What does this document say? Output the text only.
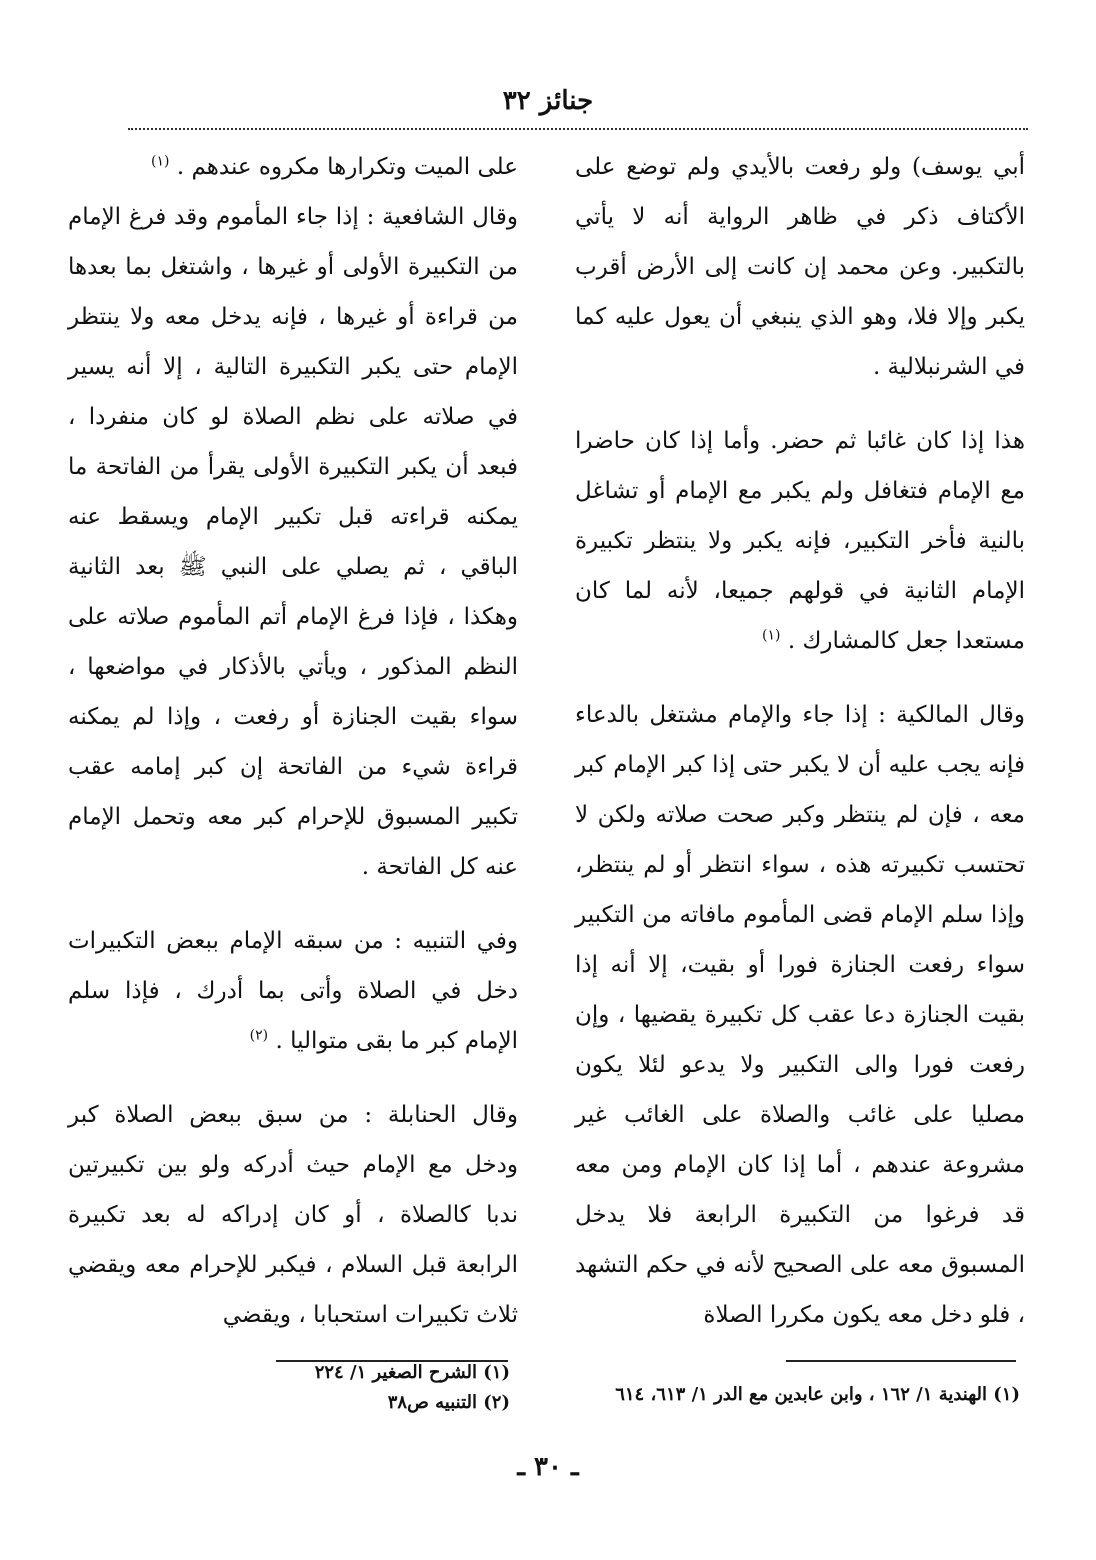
جنائز ٣٢

أبي يوسف) ولو رفعت بالأيدي ولم توضع على الأكتاف ذكر في ظاهر الرواية أنه لا يأتي بالتكبير. وعن محمد إن كانت إلى الأرض أقرب يكبر وإلا فلا، وهو الذي ينبغي أن يعول عليه كما في الشرنبلالية .

هذا إذا كان غائبا ثم حضر. وأما إذا كان حاضرا مع الإمام فتغافل ولم يكبر مع الإمام أو تشاغل بالنية فأخر التكبير، فإنه يكبر ولا ينتظر تكبيرة الإمام الثانية في قولهم جميعا، لأنه لما كان مستعدا جعل كالمشارك . $^{(١)}$

وقال المالكية : إذا جاء والإمام مشتغل بالدعاء فإنه يجب عليه أن لا يكبر حتى إذا كبر الإمام كبر معه ، فإن لم ينتظر وكبر صحت صلاته ولكن لا تحتسب تكبيرته هذه ، سواء انتظر أو لم ينتظر، وإذا سلم الإمام قضى المأموم مافاته من التكبير سواء رفعت الجنازة فورا أو بقيت، إلا أنه إذا بقيت الجنازة دعا عقب كل تكبيرة يقضيها ، وإن رفعت فورا والى التكبير ولا يدعو لئلا يكون مصليا على غائب والصلاة على الغائب غير مشروعة عندهم ، أما إذا كان الإمام ومن معه قد فرغوا من التكبيرة الرابعة فلا يدخل المسبوق معه على الصحيح لأنه في حكم التشهد ، فلو دخل معه يكون مكررا الصلاة

على الميت وتكرارها مكروه عندهم . $^{(١)}$

وقال الشافعية : إذا جاء المأموم وقد فرغ الإمام من التكبيرة الأولى أو غيرها ، واشتغل بما بعدها من قراءة أو غيرها ، فإنه يدخل معه ولا ينتظر الإمام حتى يكبر التكبيرة التالية ، إلا أنه يسير في صلاته على نظم الصلاة لو كان منفردا ، فبعد أن يكبر التكبيرة الأولى يقرأ من الفاتحة ما يمكنه قراءته قبل تكبير الإمام ويسقط عنه الباقي ، ثم يصلي على النبي ﷺ بعد الثانية وهكذا ، فإذا فرغ الإمام أتم المأموم صلاته على النظم المذكور ، ويأتي بالأذكار في مواضعها ، سواء بقيت الجنازة أو رفعت ، وإذا لم يمكنه قراءة شيء من الفاتحة إن كبر إمامه عقب تكبير المسبوق للإحرام كبر معه وتحمل الإمام عنه كل الفاتحة .

وفي التنبيه : من سبقه الإمام ببعض التكبيرات دخل في الصلاة وأتى بما أدرك ، فإذا سلم الإمام كبر ما بقى متواليا . $^{(٢)}$

وقال الحنابلة : من سبق ببعض الصلاة كبر ودخل مع الإمام حيث أدركه ولو بين تكبيرتين ندبا كالصلاة ، أو كان إدراكه له بعد تكبيرة الرابعة قبل السلام ، فيكبر للإحرام معه ويقضي ثلاث تكبيرات استحبابا ، ويقضي

(١) الهندية ١/ ١٦٢ ، وابن عابدين مع الدر ١/ ٦١٣، ٦١٤
(١) الشرح الصغير ١/ ٢٢٤
(٢) التنبيه ص٣٨
ـ ٣٠ ـ
